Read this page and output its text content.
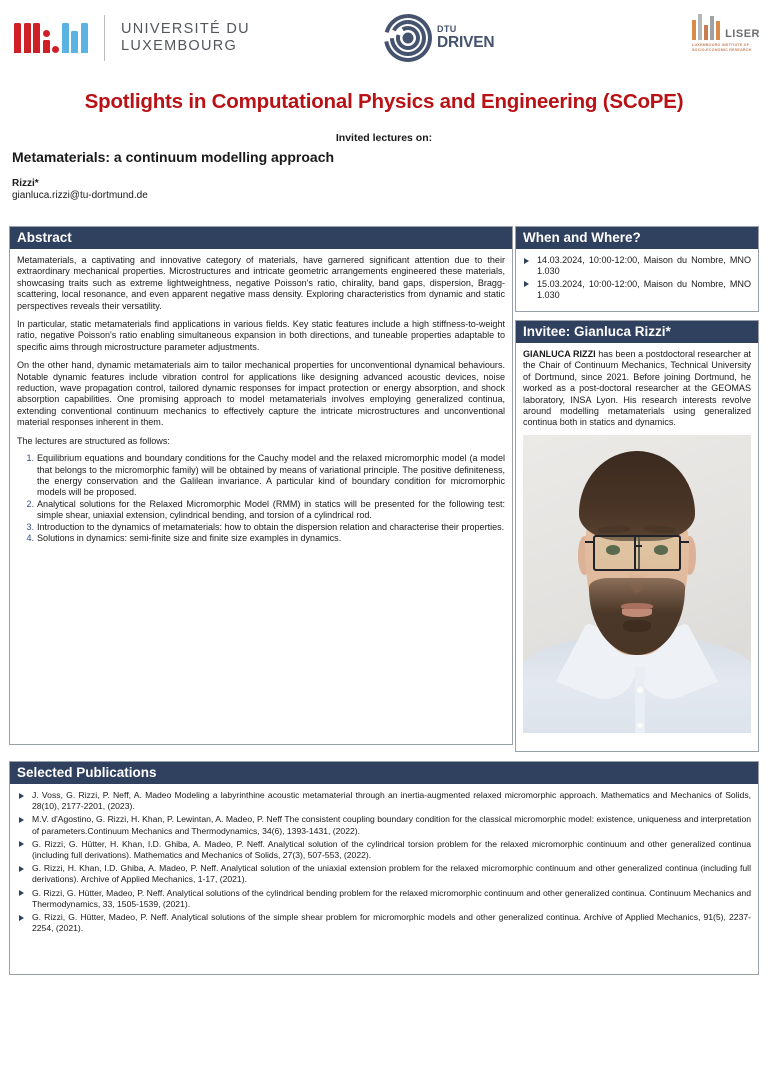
UNIVERSITÉ DU
LUXEMBOURG
DTU
DRIVEN
LISER
LUXEMBOURG INSTITUTE OF
SOCIO-ECONOMIC RESEARCH
Spotlights in Computational Physics and Engineering (SCoPE)
Invited lectures on:
Metamaterials: a continuum modelling approach
Rizzi*
gianluca.rizzi@tu-dortmund.de
Abstract

Metamaterials, a captivating and innovative category of materials, have garnered significant attention due to their extraordinary mechanical properties. Microstructures and intricate geometric arrangements engineered these materials, showcasing traits such as extreme lightweightness, negative Poisson's ratio, chirality, band gaps, dispersion, Bragg-scattering, local resonance, and even apparent negative mass density. Exploring characteristics from dynamic and static perspectives reveals their versatility.

In particular, static metamaterials find applications in various fields. Key static features include a high stiffness-to-weight ratio, negative Poisson's ratio enabling simultaneous expansion in both directions, and tuneable properties adaptable to specific aims through microstructure parameter adjustments.

On the other hand, dynamic metamaterials aim to tailor mechanical properties for unconventional dynamical behaviours. Notable dynamic features include vibration control for applications like designing advanced acoustic devices, noise reduction, wave propagation control, tailored dynamic responses for impact protection or energy absorption, and shock absorption capabilities. One promising approach to model metamaterials involves employing generalized continua, extending conventional continuum mechanics to effectively capture the intricate microstructures and unconventional material responses inherent in them.

The lectures are structured as follows:

Equilibrium equations and boundary conditions for the Cauchy model and the relaxed micromorphic model (a model that belongs to the micromorphic family) will be obtained by means of variational principle. The positive definiteness, the energy conservation and the Galilean invariance. A particular kind of boundary condition for micromorphic models will be proposed.
Analytical solutions for the Relaxed Micromorphic Model (RMM) in statics will be presented for the following test: simple shear, uniaxial extension, cylindrical bending, and torsion of a cylindrical rod.
Introduction to the dynamics of metamaterials: how to obtain the dispersion relation and characterise their properties.
Solutions in dynamics: semi-finite size and finite size examples in dynamics.
When and Where?
14.03.2024, 10:00-12:00, Maison du Nombre, MNO 1.030
15.03.2024, 10:00-12:00, Maison du Nombre, MNO 1.030
Invitee: Gianluca Rizzi*

GIANLUCA RIZZI has been a postdoctoral researcher at the Chair of Continuum Mechanics, Technical University of Dortmund, since 2021. Before joining Dortmund, he worked as a post-doctoral researcher at the GEOMAS laboratory, INSA Lyon. His research interests revolve around modelling metamaterials using generalized continua both in statics and dynamics.

Selected Publications
J. Voss, G. Rizzi, P. Neff, A. Madeo Modeling a labyrinthine acoustic metamaterial through an inertia-augmented relaxed micromorphic approach. Mathematics and Mechanics of Solids, 28(10), 2177-2201, (2023).
M.V. d'Agostino, G. Rizzi, H. Khan, P. Lewintan, A. Madeo, P. Neff The consistent coupling boundary condition for the classical micromorphic model: existence, uniqueness and interpretation of parameters.Continuum Mechanics and Thermodynamics, 34(6), 1393-1431, (2022).
G. Rizzi, G. Hütter, H. Khan, I.D. Ghiba, A. Madeo, P. Neff. Analytical solution of the cylindrical torsion problem for the relaxed micromorphic continuum and other generalized continua (including full derivations). Mathematics and Mechanics of Solids, 27(3), 507-553, (2022).
G. Rizzi, H. Khan, I.D. Ghiba, A. Madeo, P. Neff. Analytical solution of the uniaxial extension problem for the relaxed micromorphic continuum and other generalized continua (including full derivations). Archive of Applied Mechanics, 1-17, (2021).
G. Rizzi, G. Hütter, Madeo, P. Neff. Analytical solutions of the cylindrical bending problem for the relaxed micromorphic continuum and other generalized continua. Continuum Mechanics and Thermodynamics, 33, 1505-1539, (2021).
G. Rizzi, G. Hütter, Madeo, P. Neff. Analytical solutions of the simple shear problem for micromorphic models and other generalized continua. Archive of Applied Mechanics, 91(5), 2237-2254, (2021).
